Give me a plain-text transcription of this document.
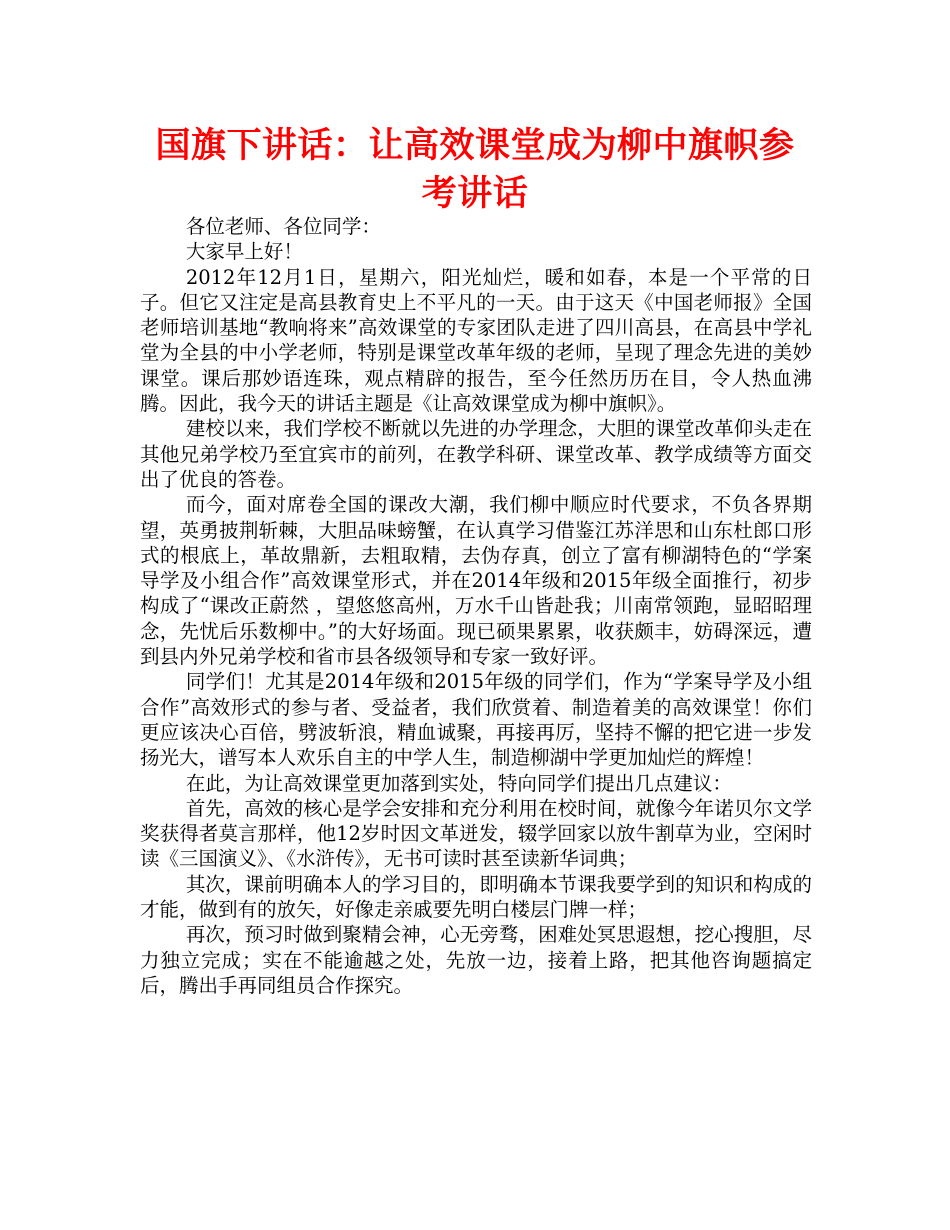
国旗下讲话：让高效课堂成为柳中旗帜参考讲话

各位老师、各位同学：

大家早上好！

2012年12月1日，星期六，阳光灿烂，暖和如春，本是一个平常的日子。但它又注定是高县教育史上不平凡的一天。由于这天《中国老师报》全国老师培训基地“教响将来”高效课堂的专家团队走进了四川高县，在高县中学礼堂为全县的中小学老师，特别是课堂改革年级的老师，呈现了理念先进的美妙课堂。课后那妙语连珠，观点精辟的报告，至今任然历历在目，令人热血沸腾。因此，我今天的讲话主题是《让高效课堂成为柳中旗帜》。

建校以来，我们学校不断就以先进的办学理念，大胆的课堂改革仰头走在其他兄弟学校乃至宜宾市的前列，在教学科研、课堂改革、教学成绩等方面交出了优良的答卷。

而今，面对席卷全国的课改大潮，我们柳中顺应时代要求，不负各界期望，英勇披荆斩棘，大胆品味螃蟹，在认真学习借鉴江苏洋思和山东杜郎口形式的根底上，革故鼎新，去粗取精，去伪存真，创立了富有柳湖特色的“学案导学及小组合作”高效课堂形式，并在2014年级和2015年级全面推行，初步构成了“课改正蔚然 ，望悠悠高州，万水千山皆赴我；川南常领跑，显昭昭理念，先忧后乐数柳中。”的大好场面。现已硕果累累，收获颇丰，妨碍深远，遭到县内外兄弟学校和省市县各级领导和专家一致好评。

同学们！尤其是2014年级和2015年级的同学们，作为“学案导学及小组合作”高效形式的参与者、受益者，我们欣赏着、制造着美的高效课堂！你们更应该决心百倍，劈波斩浪，精血诚聚，再接再厉，坚持不懈的把它进一步发扬光大，谱写本人欢乐自主的中学人生，制造柳湖中学更加灿烂的辉煌！

在此，为让高效课堂更加落到实处，特向同学们提出几点建议：

首先，高效的核心是学会安排和充分利用在校时间，就像今年诺贝尔文学奖获得者莫言那样，他12岁时因文革迸发，辍学回家以放牛割草为业，空闲时读《三国演义》、《水浒传》，无书可读时甚至读新华词典；

其次，课前明确本人的学习目的，即明确本节课我要学到的知识和构成的才能，做到有的放矢，好像走亲戚要先明白楼层门牌一样；

再次，预习时做到聚精会神，心无旁骛，困难处冥思遐想，挖心搜胆，尽力独立完成；实在不能逾越之处，先放一边，接着上路，把其他咨询题搞定后，腾出手再同组员合作探究。
